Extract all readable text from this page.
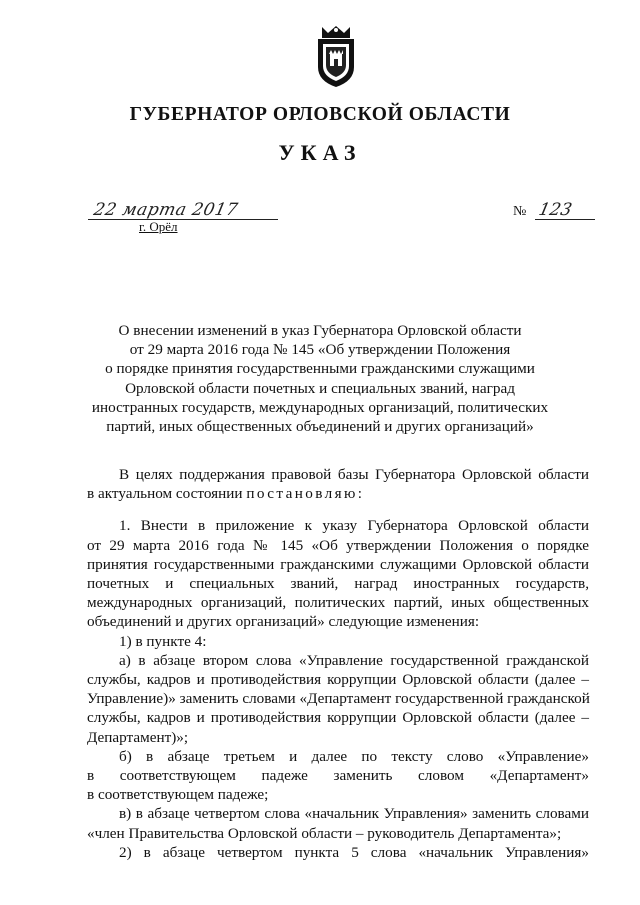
ГУБЕРНАТОР ОРЛОВСКОЙ ОБЛАСТИ
УКАЗ
22 марта 2017
г. Орёл
№ 123
О внесении изменений в указ Губернатора Орловской области
от 29 марта 2016 года № 145 «Об утверждении Положения
о порядке принятия государственными гражданскими служащими
Орловской области почетных и специальных званий, наград
иностранных государств, международных организаций, политических
партий, иных общественных объединений и других организаций»

В целях поддержания правовой базы Губернатора Орловской области
в актуальном состоянии постановляю:

1. Внести в приложение к указу Губернатора Орловской области
от 29 марта 2016 года № 145 «Об утверждении Положения о порядке
принятия государственными гражданскими служащими Орловской области
почетных и специальных званий, наград иностранных государств,
международных организаций, политических партий, иных общественных
объединений и других организаций» следующие изменения:

1) в пункте 4:

а) в абзаце втором слова «Управление государственной гражданской
службы, кадров и противодействия коррупции Орловской области (далее –
Управление)» заменить словами «Департамент государственной гражданской
службы, кадров и противодействия коррупции Орловской области (далее –
Департамент)»;

б) в абзаце третьем и далее по тексту слово «Управление»
в соответствующем падеже заменить словом «Департамент»
в соответствующем падеже;

в) в абзаце четвертом слова «начальник Управления» заменить словами
«член Правительства Орловской области – руководитель Департамента»;

2) в абзаце четвертом пункта 5 слова «начальник Управления»
